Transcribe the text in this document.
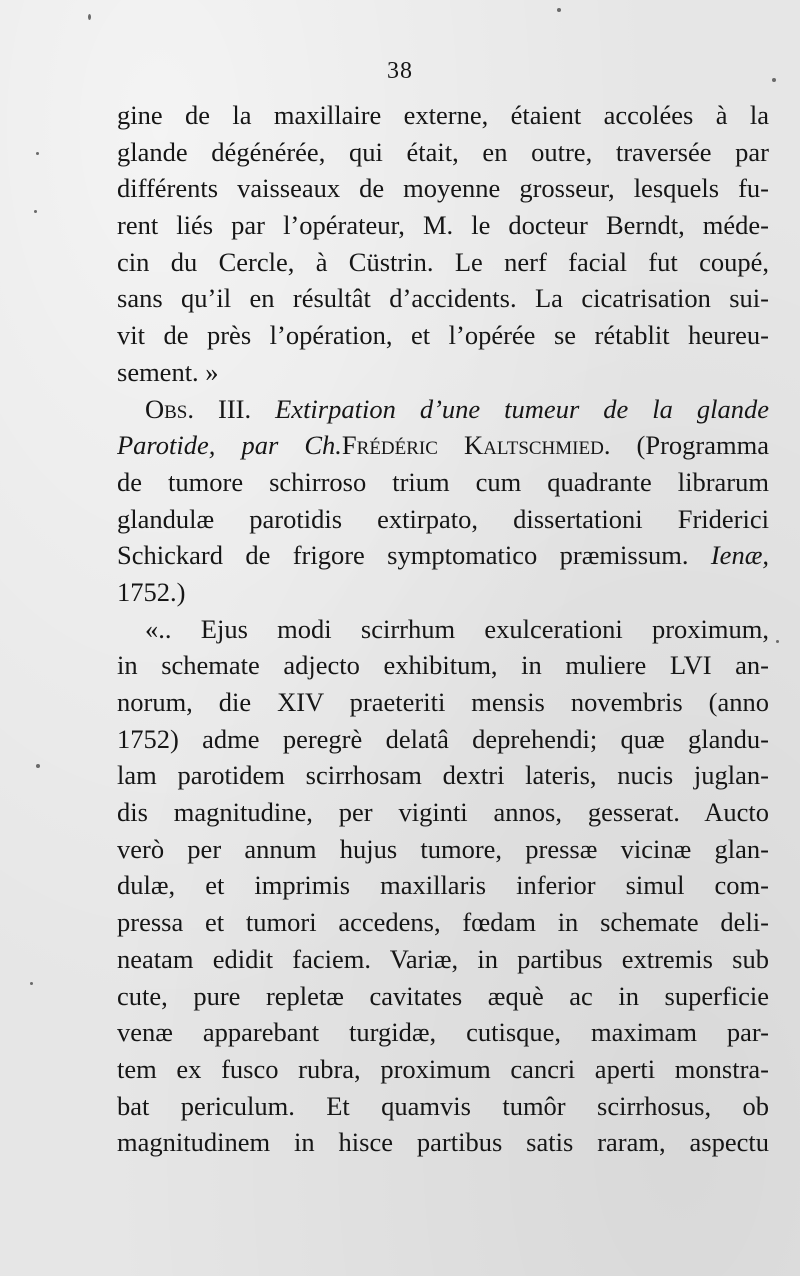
38
gine de la maxillaire externe, étaient accolées à la
glande dégénérée, qui était, en outre, traversée par
différents vaisseaux de moyenne grosseur, lesquels fu-
rent liés par l’opérateur, M. le docteur Berndt, méde-
cin du Cercle, à Cüstrin. Le nerf facial fut coupé,
sans qu’il en résultât d’accidents. La cicatrisation sui-
vit de près l’opération, et l’opérée se rétablit heureu-
sement. »
Obs. III. Extirpation d’une tumeur de la glande
Parotide, par Ch.Frédéric Kaltschmied. (Programma
de tumore schirroso trium cum quadrante librarum
glandulæ parotidis extirpato, dissertationi Friderici
Schickard de frigore symptomatico præmissum. Ienæ,
1752.)
«.. Ejus modi scirrhum exulcerationi proximum,
in schemate adjecto exhibitum, in muliere LVI an-
norum, die XIV praeteriti mensis novembris (anno
1752) adme peregrè delatâ deprehendi; quæ glandu-
lam parotidem scirrhosam dextri lateris, nucis juglan-
dis magnitudine, per viginti annos, gesserat. Aucto
verò per annum hujus tumore, pressæ vicinæ glan-
dulæ, et imprimis maxillaris inferior simul com-
pressa et tumori accedens, fœdam in schemate deli-
neatam edidit faciem. Variæ, in partibus extremis sub
cute, pure repletæ cavitates æquè ac in superficie
venæ apparebant turgidæ, cutisque, maximam par-
tem ex fusco rubra, proximum cancri aperti monstra-
bat periculum. Et quamvis tumôr scirrhosus, ob
magnitudinem in hisce partibus satis raram, aspectu
